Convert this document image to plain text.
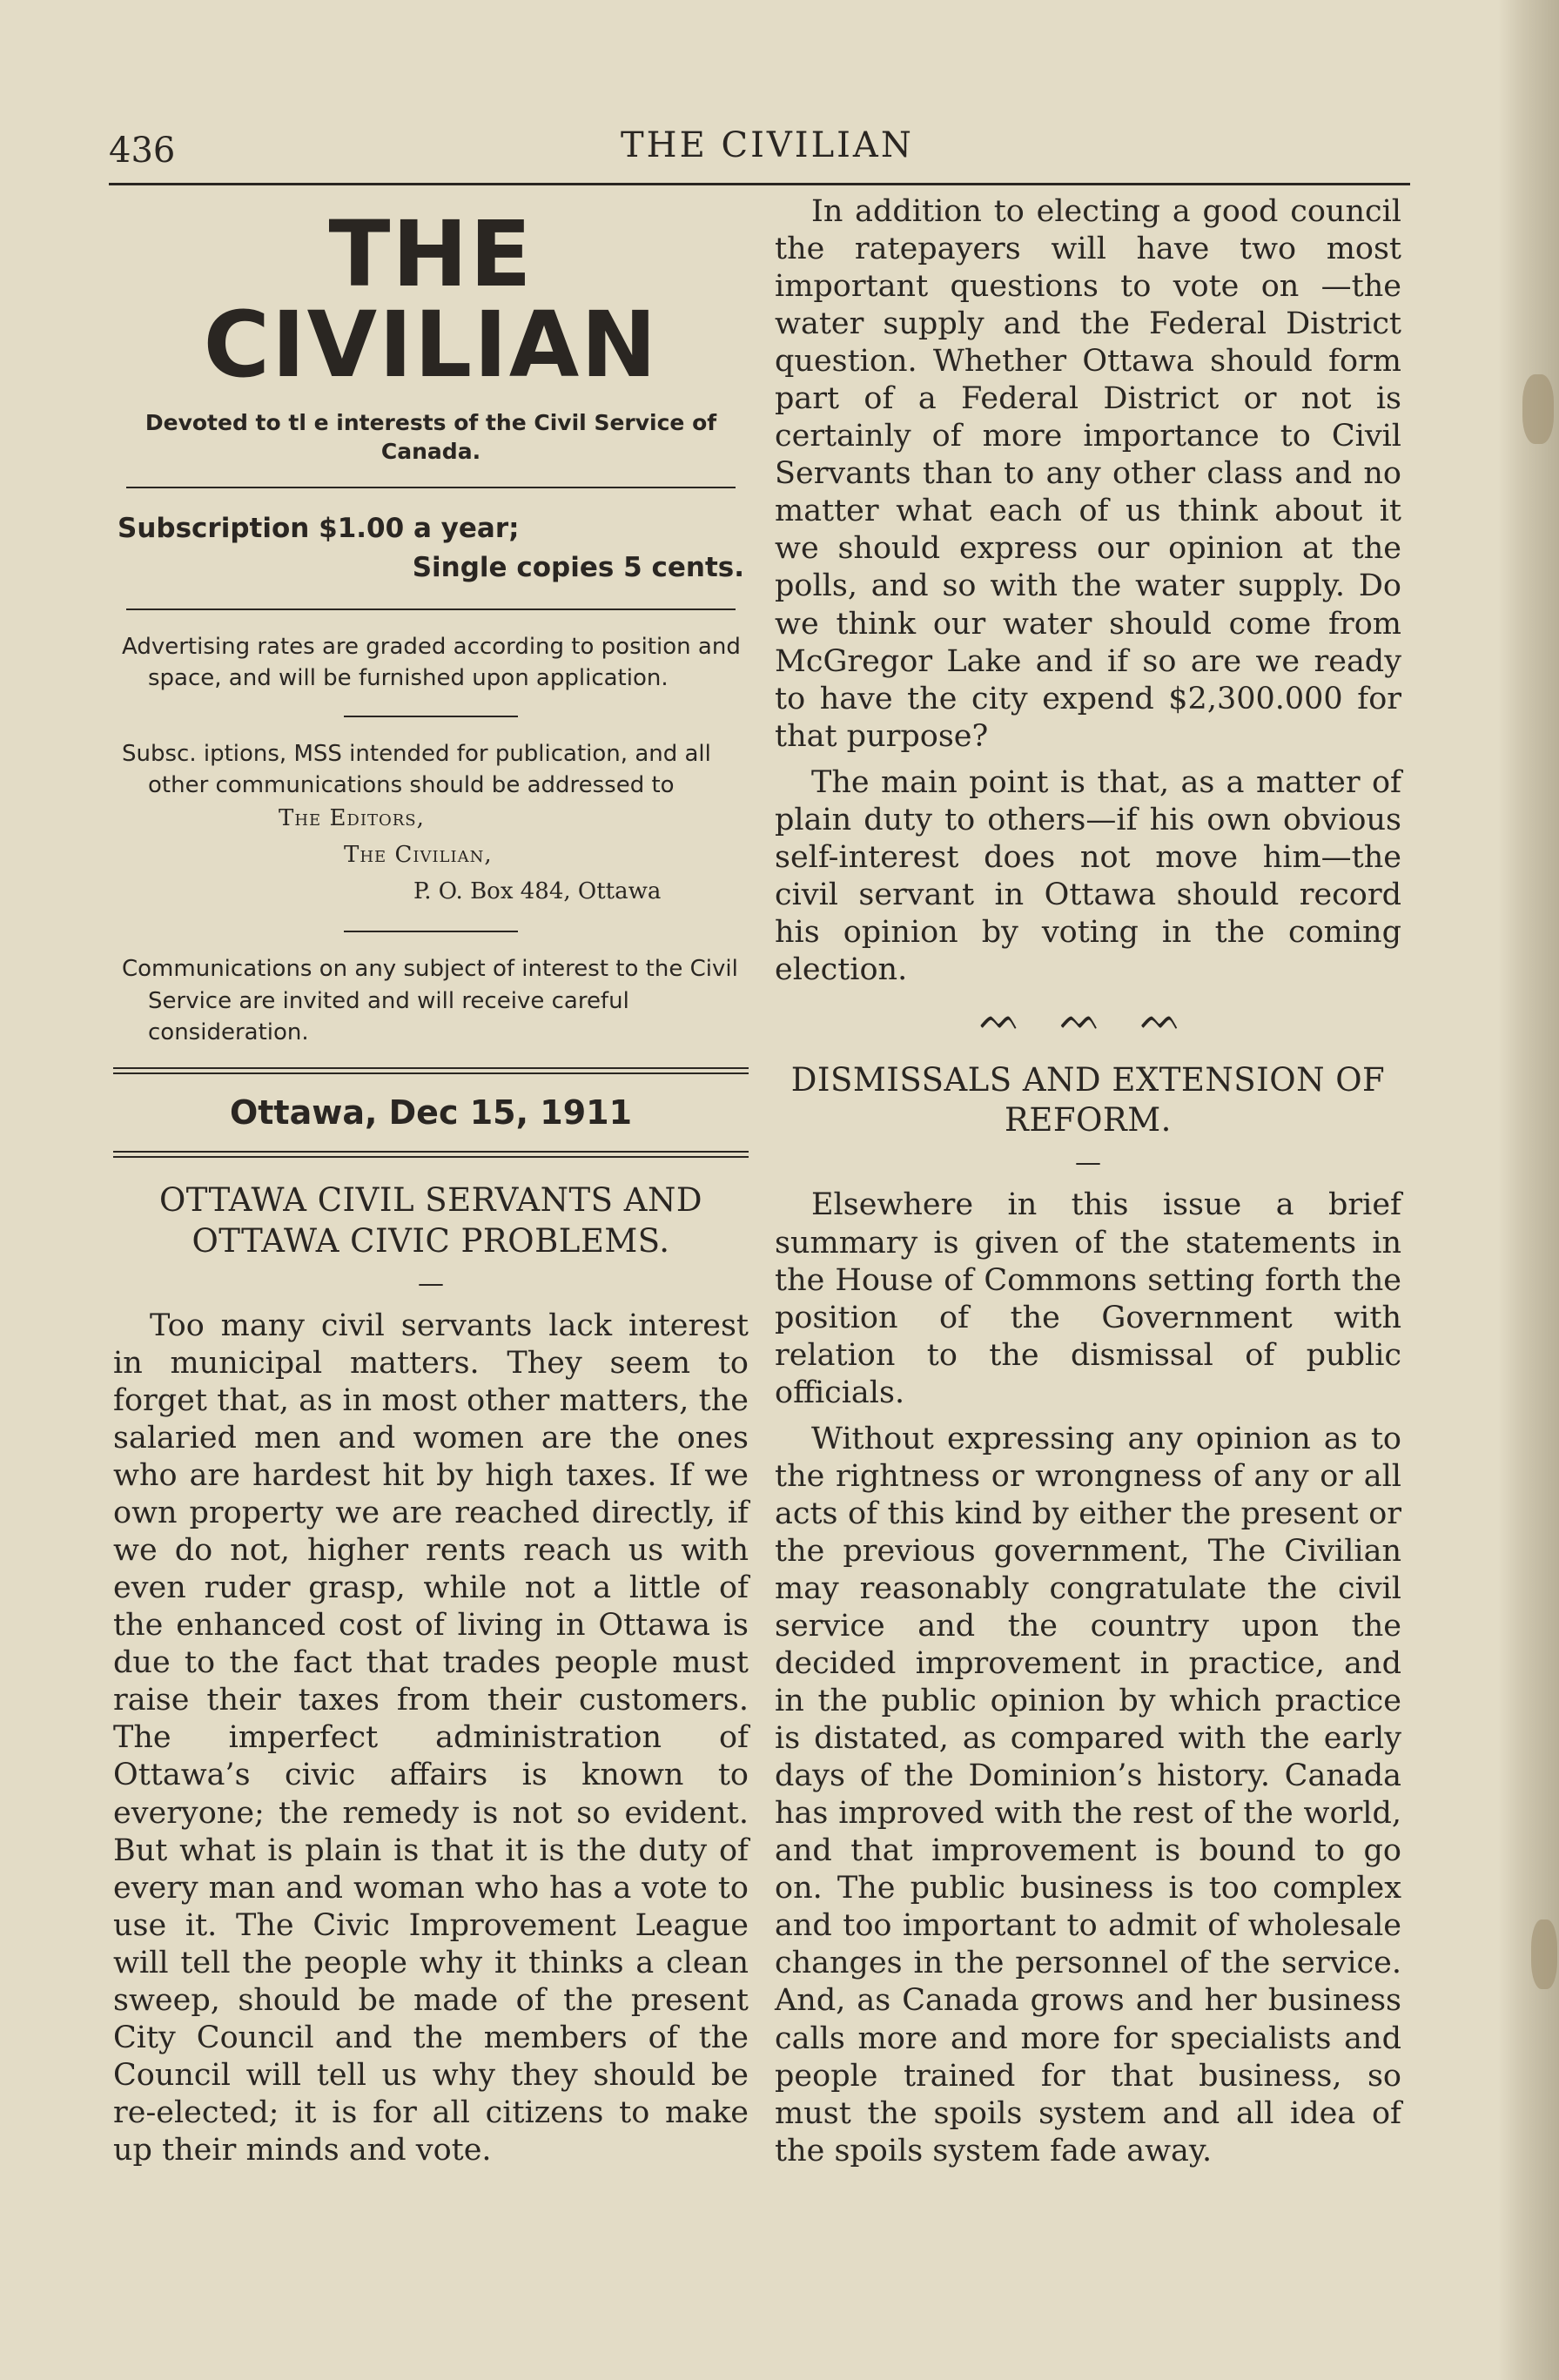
436	THE CIVILIAN
THE CIVILIAN
Devoted to tl e interests of the Civil Service of Canada.
Subscription $1.00 a year;
Single copies 5 cents.

Advertising rates are graded according to position and space, and will be furnished upon application.

Subsc. iptions, MSS intended for publication, and all other communications should be addressed to

The Editors,
The Civilian,
P. O. Box 484, Ottawa

Communications on any subject of interest to the Civil Service are invited and will receive careful consideration.

Ottawa, Dec 15, 1911
OTTAWA CIVIL SERVANTS AND OTTAWA CIVIC PROBLEMS.
—

Too many civil servants lack interest in municipal matters. They seem to forget that, as in most other matters, the salaried men and women are the ones who are hardest hit by high taxes. If we own property we are reached directly, if we do not, higher rents reach us with even ruder grasp, while not a little of the enhanced cost of living in Ottawa is due to the fact that trades people must raise their taxes from their customers. The imperfect administration of Ottawa’s civic affairs is known to everyone; the remedy is not so evident. But what is plain is that it is the duty of every man and woman who has a vote to use it. The Civic Improvement League will tell the people why it thinks a clean sweep, should be made of the present City Council and the members of the Council will tell us why they should be re-elected; it is for all citizens to make up their minds and vote.

In addition to electing a good council the ratepayers will have two most important questions to vote on —the water supply and the Federal District question. Whether Ottawa should form part of a Federal District or not is certainly of more importance to Civil Servants than to any other class and no matter what each of us think about it we should express our opinion at the polls, and so with the water supply. Do we think our water should come from McGregor Lake and if so are we ready to have the city expend $2,300.000 for that purpose?

The main point is that, as a matter of plain duty to others—if his own obvious self-interest does not move him—the civil servant in Ottawa should record his opinion by voting in the coming election.

ᨓ ᨓ ᨓ
DISMISSALS AND EXTENSION OF REFORM.
—

Elsewhere in this issue a brief summary is given of the statements in the House of Commons setting forth the position of the Government with relation to the dismissal of public officials.

Without expressing any opinion as to the rightness or wrongness of any or all acts of this kind by either the present or the previous government, The Civilian may reasonably congratulate the civil service and the country upon the decided improvement in practice, and in the public opinion by which practice is distated, as compared with the early days of the Dominion’s history. Canada has improved with the rest of the world, and that improvement is bound to go on. The public business is too complex and too important to admit of wholesale changes in the personnel of the service. And, as Canada grows and her business calls more and more for specialists and people trained for that business, so must the spoils system and all idea of the spoils system fade away.
